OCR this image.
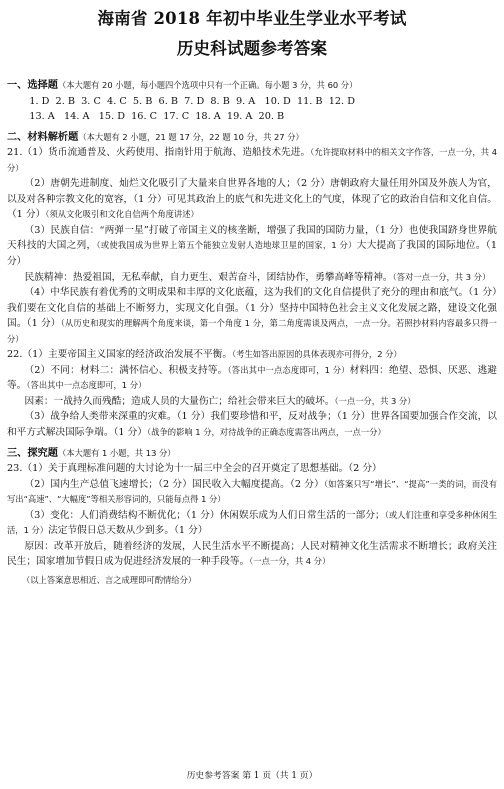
海南省 2018 年初中毕业生学业水平考试
历史科试题参考答案

一、选择题（本大题有 20 小题，每小题四个选项中只有一个正确。每小题 3 分，共 60 分）

1. D  2. B  3. C  4. C  5. B  6. B  7. D  8. B  9. A   10. D  11. B  12. D

13. A   14. A   15. D  16. C  17. C  18. A  19. A  20. B

二、材料解析题（本大题有 2 小题，21 题 17 分，22 题 10 分，共 27 分）

21.（1）货币流通普及、火药使用、指南针用于航海、造船技术先进。（允许提取材料中的相关文字作答，一点一分，共 4 分）

（2）唐朝先进制度、灿烂文化吸引了大量来自世界各地的人；（2 分）唐朝政府大量任用外国及外族人为官，以及对各种宗教文化的宽容，（1 分）可见其政治上的底气和先进文化上的气度，体现了它的政治自信和文化自信。（1 分）（须从文化吸引和文化自信两个角度讲述）

（3）民族自信：“两弹一星”打破了帝国主义的核垄断，增强了我国的国防力量，（1 分）也使我国跻身世界航天科技的大国之列，（或使我国成为世界上第五个能独立发射人造地球卫星的国家，1 分）大大提高了我国的国际地位。（1 分）

民族精神：热爱祖国，无私奉献，自力更生、艰苦奋斗，团结协作，勇攀高峰等精神。（答对一点一分，共 3 分）

（4）中华民族有着优秀的文明成果和丰厚的文化底蕴，这为我们的文化自信提供了充分的理由和底气。（1 分）我们要在文化自信的基础上不断努力，实现文化自强。（1 分）坚持中国特色社会主义文化发展之路，建设文化强国。（1 分）（从历史和现实的理解两个角度来谈，第一个角度 1 分，第二角度需谈及两点，一点一分。若照抄材料内容最多只得一分）

22.（1）主要帝国主义国家的经济政治发展不平衡。（考生如答出原因的具体表现亦可得分，2 分）

（2）不同：材料二：满怀信心、积极支持等。（答出其中一点态度即可，1 分）材料四：绝望、恐惧、厌恶、逃避等。（答出其中一点态度即可，1 分）

因素：一战持久而残酷；造成人员的大量伤亡；给社会带来巨大的破坏。（一点一分，共 3 分）

（3）战争给人类带来深重的灾难。（1 分）我们要珍惜和平，反对战争；（1 分）世界各国要加强合作交流，以和平方式解决国际争端。（1 分）（战争的影响 1 分，对待战争的正确态度需答出两点，一点一分）

三、探究题（本大题有 1 小题，共 13 分）

23.（1）关于真理标准问题的大讨论为十一届三中全会的召开奠定了思想基础。（2 分）

（2）国内生产总值飞速增长；（2 分）国民收入大幅度提高。（2 分）（如答案只写“增长”、“提高”一类的词，而没有写出“高速”、“大幅度”等相关形容词的，只能每点得 1 分）

（3）变化：人们消费结构不断优化；（1 分）休闲娱乐成为人们日常生活的一部分；（或人们注重和享受多种休闲生活，1 分）法定节假日总天数从少到多。（1 分）

原因：改革开放后，随着经济的发展，人民生活水平不断提高；人民对精神文化生活需求不断增长；政府关注民生；国家增加节假日成为促进经济发展的一种手段等。（一点一分，共 4 分）

（以上答案意思相近、言之成理即可酌情给分）

历史参考答案 第 1 页（共 1 页）
